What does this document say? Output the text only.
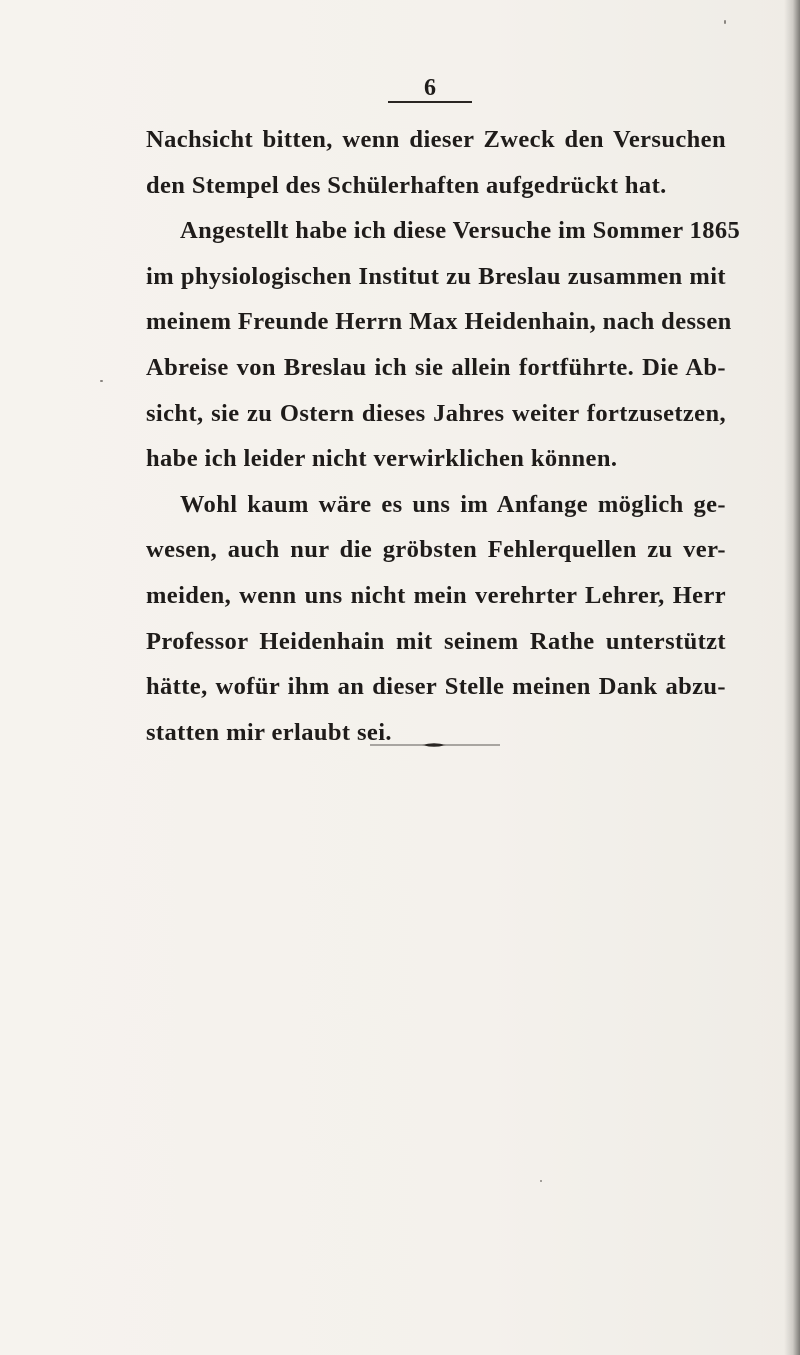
6
Nachsicht bitten, wenn dieser Zweck den Versuchen
den Stempel des Schülerhaften aufgedrückt hat.
Angestellt habe ich diese Versuche im Sommer 1865
im physiologischen Institut zu Breslau zusammen mit
meinem Freunde Herrn Max Heidenhain, nach dessen
Abreise von Breslau ich sie allein fortführte. Die Ab-
sicht, sie zu Ostern dieses Jahres weiter fortzusetzen,
habe ich leider nicht verwirklichen können.
Wohl kaum wäre es uns im Anfange möglich ge-
wesen, auch nur die gröbsten Fehlerquellen zu ver-
meiden, wenn uns nicht mein verehrter Lehrer, Herr
Professor Heidenhain mit seinem Rathe unterstützt
hätte, wofür ihm an dieser Stelle meinen Dank abzu-
statten mir erlaubt sei.
